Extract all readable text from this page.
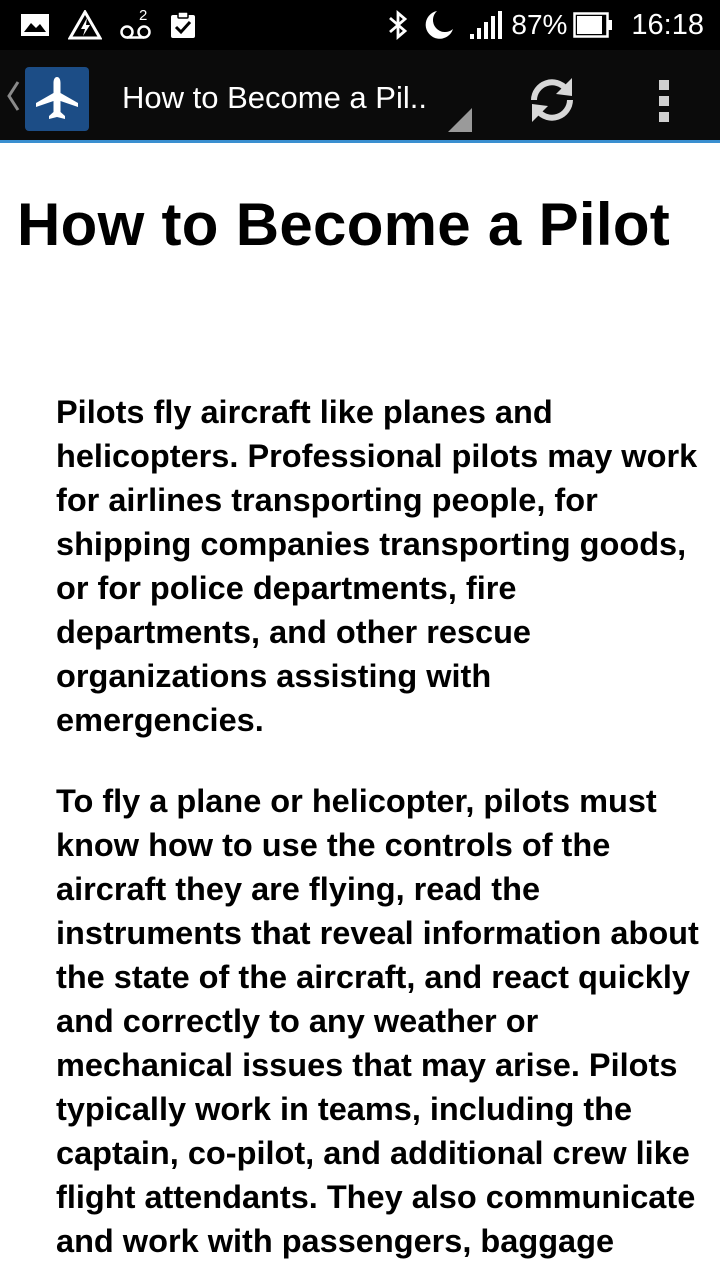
2	87% 16:18
How to Become a Pil..
How to Become a Pilot

Pilots fly aircraft like planes and helicopters. Professional pilots may work for airlines transporting people, for shipping companies transporting goods, or for police departments, fire departments, and other rescue organizations assisting with emergencies.

To fly a plane or helicopter, pilots must know how to use the controls of the aircraft they are flying, read the instruments that reveal information about the state of the aircraft, and react quickly and correctly to any weather or mechanical issues that may arise. Pilots typically work in teams, including the captain, co-pilot, and additional crew like flight attendants. They also communicate and work with passengers, baggage
